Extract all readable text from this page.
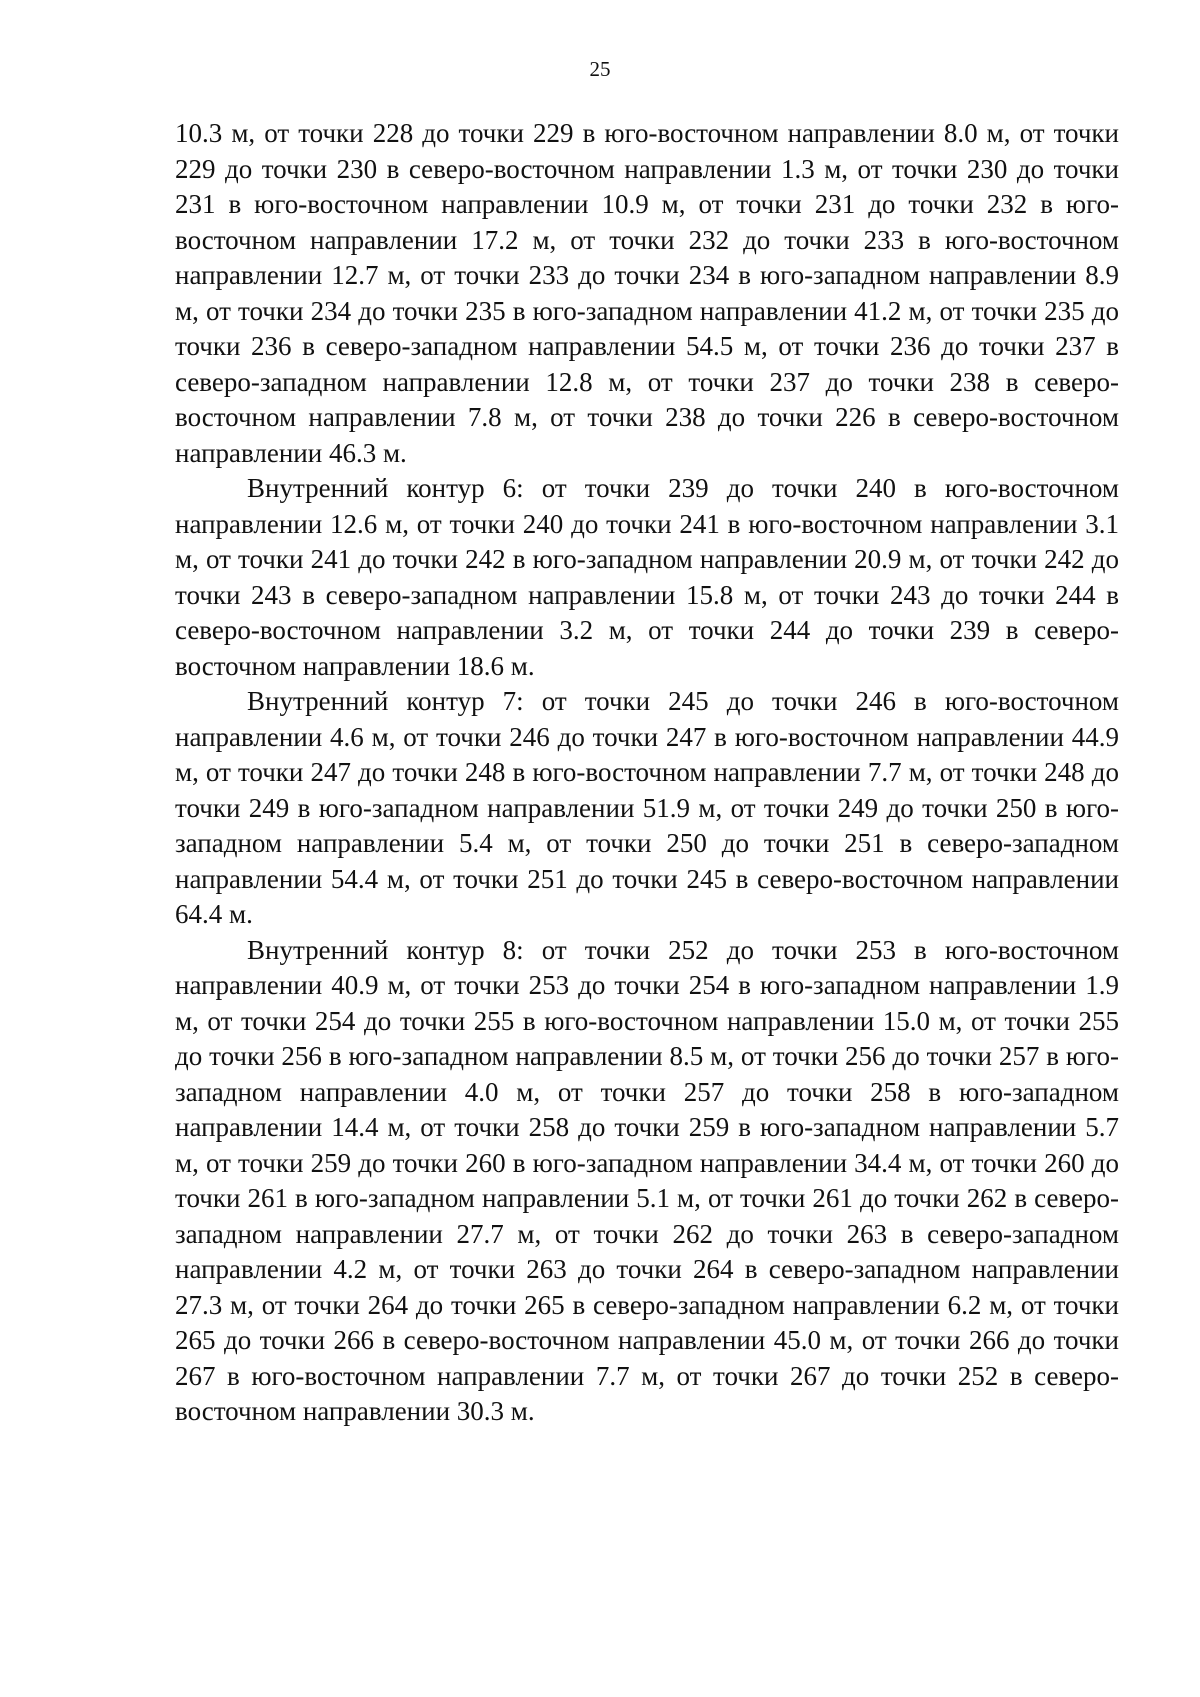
25

10.3 м, от точки 228 до точки 229 в юго-восточном направлении 8.0 м, от точки 229 до точки 230 в северо-восточном направлении 1.3 м, от точки 230 до точки 231 в юго-восточном направлении 10.9 м, от точки 231 до точки 232 в юго-восточном направлении 17.2 м, от точки 232 до точки 233 в юго-восточном направлении 12.7 м, от точки 233 до точки 234 в юго-западном направлении 8.9 м, от точки 234 до точки 235 в юго-западном направлении 41.2 м, от точки 235 до точки 236 в северо-западном направлении 54.5 м, от точки 236 до точки 237 в северо-западном направлении 12.8 м, от точки 237 до точки 238 в северо-восточном направлении 7.8 м, от точки 238 до точки 226 в северо-восточном направлении 46.3 м.

Внутренний контур 6: от точки 239 до точки 240 в юго-восточном направлении 12.6 м, от точки 240 до точки 241 в юго-восточном направлении 3.1 м, от точки 241 до точки 242 в юго-западном направлении 20.9 м, от точки 242 до точки 243 в северо-западном направлении 15.8 м, от точки 243 до точки 244 в северо-восточном направлении 3.2 м, от точки 244 до точки 239 в северо-восточном направлении 18.6 м.

Внутренний контур 7: от точки 245 до точки 246 в юго-восточном направлении 4.6 м, от точки 246 до точки 247 в юго-восточном направлении 44.9 м, от точки 247 до точки 248 в юго-восточном направлении 7.7 м, от точки 248 до точки 249 в юго-западном направлении 51.9 м, от точки 249 до точки 250 в юго-западном направлении 5.4 м, от точки 250 до точки 251 в северо-западном направлении 54.4 м, от точки 251 до точки 245 в северо-восточном направлении 64.4 м.

Внутренний контур 8: от точки 252 до точки 253 в юго-восточном направлении 40.9 м, от точки 253 до точки 254 в юго-западном направлении 1.9 м, от точки 254 до точки 255 в юго-восточном направлении 15.0 м, от точки 255 до точки 256 в юго-западном направлении 8.5 м, от точки 256 до точки 257 в юго-западном направлении 4.0 м, от точки 257 до точки 258 в юго-западном направлении 14.4 м, от точки 258 до точки 259 в юго-западном направлении 5.7 м, от точки 259 до точки 260 в юго-западном направлении 34.4 м, от точки 260 до точки 261 в юго-западном направлении 5.1 м, от точки 261 до точки 262 в северо-западном направлении 27.7 м, от точки 262 до точки 263 в северо-западном направлении 4.2 м, от точки 263 до точки 264 в северо-западном направлении 27.3 м, от точки 264 до точки 265 в северо-западном направлении 6.2 м, от точки 265 до точки 266 в северо-восточном направлении 45.0 м, от точки 266 до точки 267 в юго-восточном направлении 7.7 м, от точки 267 до точки 252 в северо-восточном направлении 30.3 м.
